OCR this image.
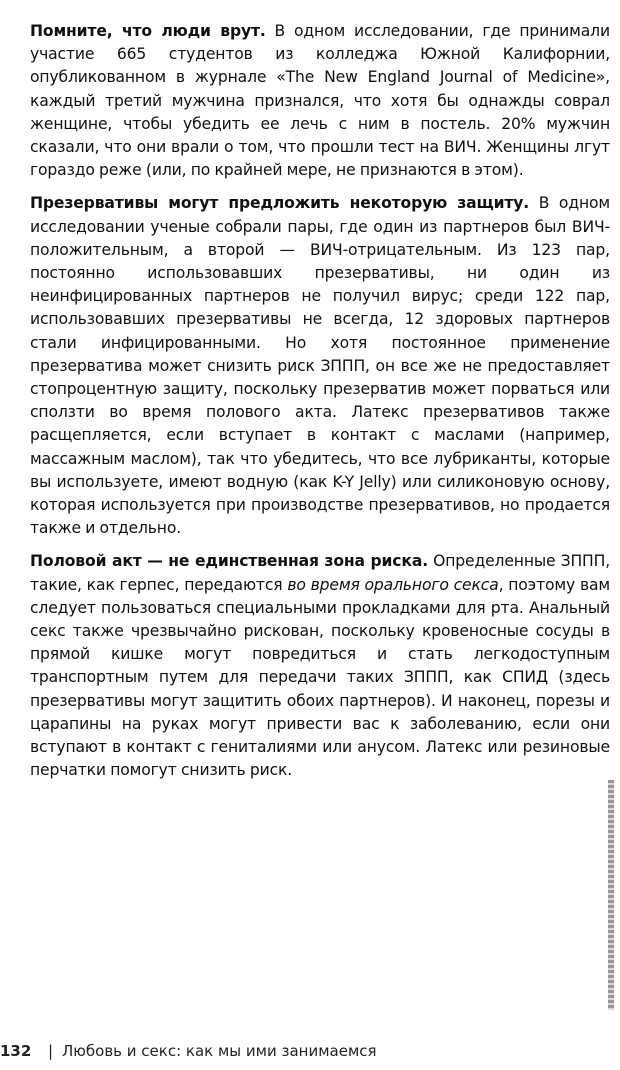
Помните, что люди врут. В одном исследовании, где принимали участие 665 студентов из колледжа Южной Калифорнии, опубликованном в журнале «The New England Journal of Medicine», каждый третий мужчина признался, что хотя бы однажды соврал женщине, чтобы убедить ее лечь с ним в постель. 20% мужчин сказали, что они врали о том, что прошли тест на ВИЧ. Женщины лгут гораздо реже (или, по крайней мере, не признаются в этом).

Презервативы могут предложить некоторую защиту. В одном исследовании ученые собрали пары, где один из партнеров был ВИЧ-положительным, а второй — ВИЧ-отрицательным. Из 123 пар, постоянно использовавших презервативы, ни один из неинфицированных партнеров не получил вирус; среди 122 пар, использовавших презервативы не всегда, 12 здоровых партнеров стали инфицированными. Но хотя постоянное применение презерватива может снизить риск ЗППП, он все же не предоставляет стопроцентную защиту, поскольку презерватив может порваться или сползти во время полового акта. Латекс презервативов также расщепляется, если вступает в контакт с маслами (например, массажным маслом), так что убедитесь, что все лубриканты, которые вы используете, имеют водную (как K-Y Jelly) или силиконовую основу, которая используется при производстве презервативов, но продается также и отдельно.

Половой акт — не единственная зона риска. Определенные ЗППП, такие, как герпес, передаются во время орального секса, поэтому вам следует пользоваться специальными прокладками для рта. Анальный секс также чрезвычайно рискован, поскольку кровеносные сосуды в прямой кишке могут повредиться и стать легкодоступным транспортным путем для передачи таких ЗППП, как СПИД (здесь презервативы могут защитить обоих партнеров). И наконец, порезы и царапины на руках могут привести вас к заболеванию, если они вступают в контакт с гениталиями или анусом. Латекс или резиновые перчатки помогут снизить риск.

132 | Любовь и секс: как мы ими занимаемся
